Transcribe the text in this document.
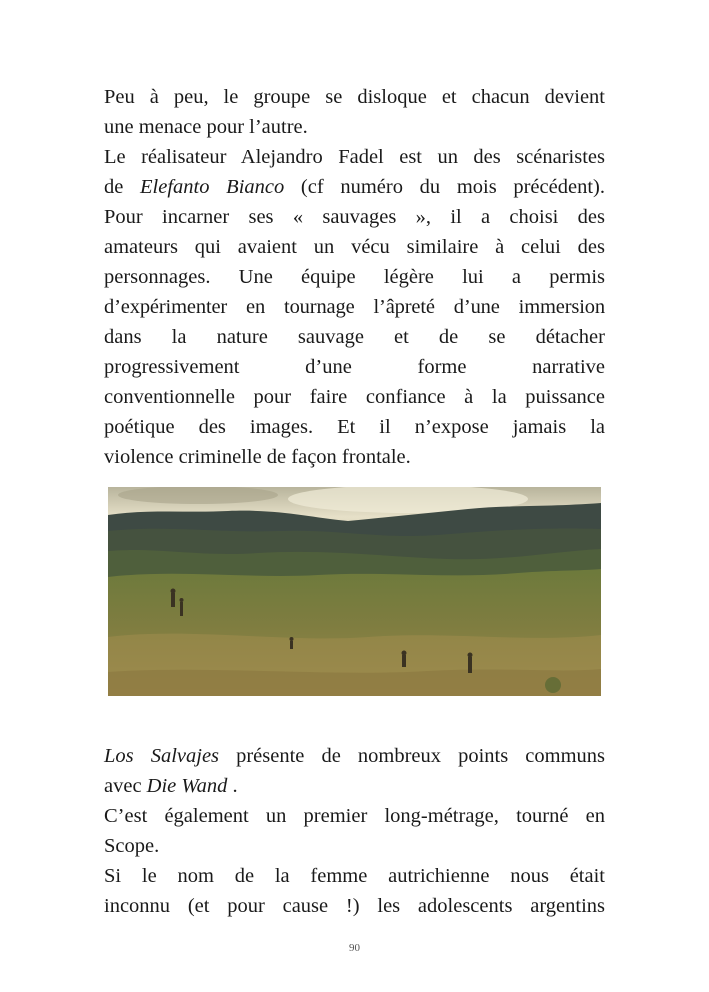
Peu à peu, le groupe se disloque et chacun devient
une menace pour l’autre.
Le réalisateur Alejandro Fadel est un des scénaristes
de Elefanto Bianco (cf numéro du mois précédent).
Pour incarner ses « sauvages », il a choisi des
amateurs qui avaient un vécu similaire à celui des
personnages. Une équipe légère lui a permis
d’expérimenter en tournage l’âpreté d’une immersion
dans la nature sauvage et de se détacher
progressivement d’une forme narrative
conventionnelle pour faire confiance à la puissance
poétique des images. Et il n’expose jamais la
violence criminelle de façon frontale.
Los Salvajes présente de nombreux points communs
avec Die Wand .
C’est également un premier long-métrage, tourné en
Scope.
Si le nom de la femme autrichienne nous était
inconnu (et pour cause !) les adolescents argentins
90
